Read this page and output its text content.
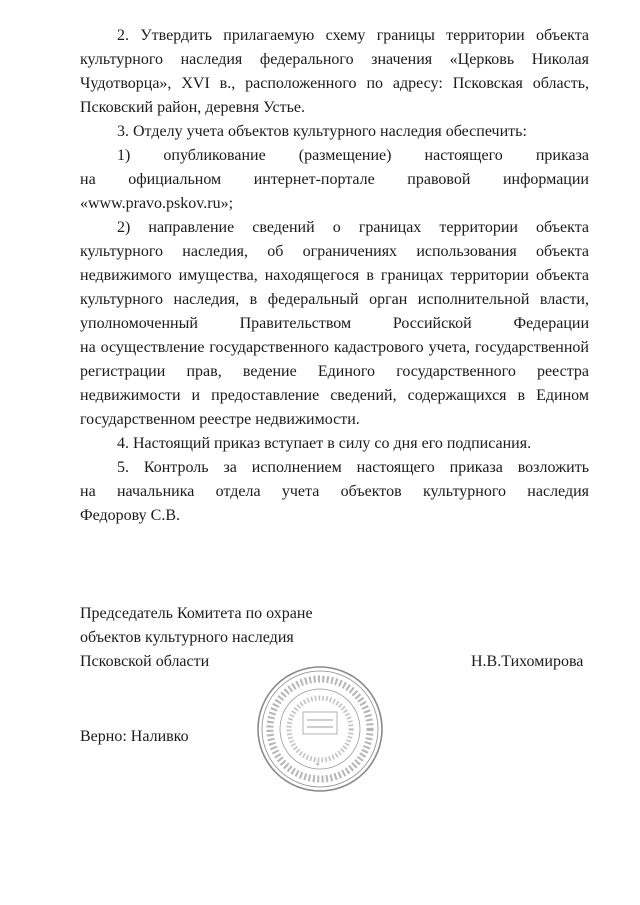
2. Утвердить прилагаемую схему границы территории объекта
культурного наследия федерального значения «Церковь Николая
Чудотворца», XVI в., расположенного по адресу: Псковская область,
Псковский район, деревня Устье.
3. Отделу учета объектов культурного наследия обеспечить:
1) опубликование (размещение) настоящего приказа
на официальном интернет-портале правовой информации
«www.pravo.pskov.ru»;
2) направление сведений о границах территории объекта
культурного наследия, об ограничениях использования объекта
недвижимого имущества, находящегося в границах территории объекта
культурного наследия, в федеральный орган исполнительной власти,
уполномоченный Правительством Российской Федерации
на осуществление государственного кадастрового учета, государственной
регистрации прав, ведение Единого государственного реестра
недвижимости и предоставление сведений, содержащихся в Едином
государственном реестре недвижимости.
4. Настоящий приказ вступает в силу со дня его подписания.
5. Контроль за исполнением настоящего приказа возложить
на начальника отдела учета объектов культурного наследия
Федорову С.В.
Председатель Комитета по охране
объектов культурного наследия
Псковской области	Н.В.Тихомирова
Верно: Наливко
*
